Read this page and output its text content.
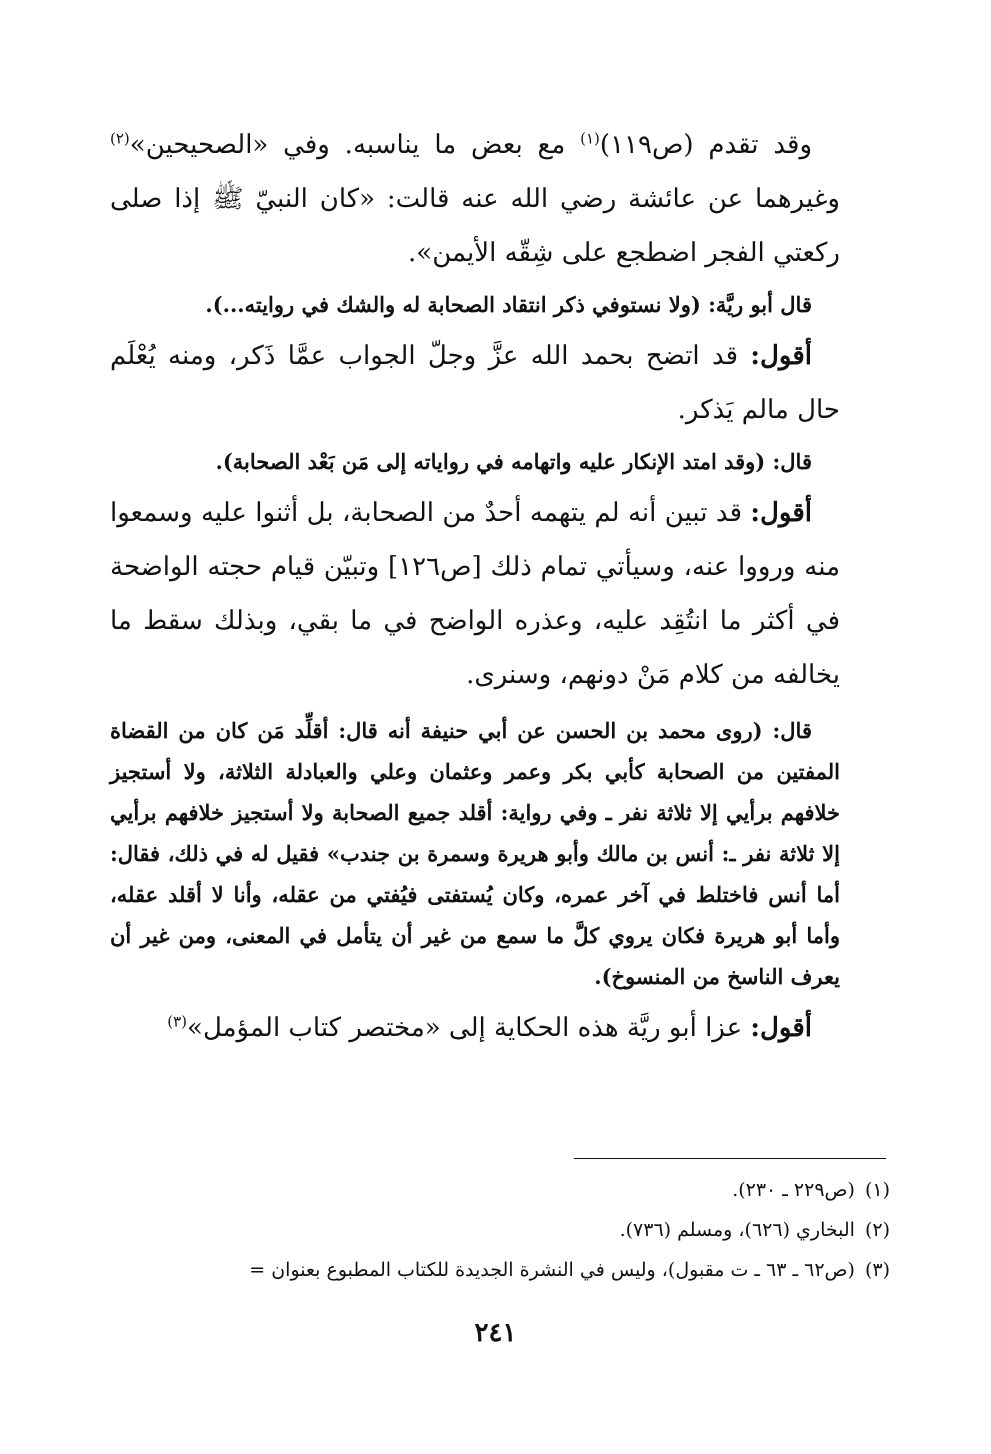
وقد تقدم (ص١١٩)$^{(١)}$ مع بعض ما يناسبه. وفي «الصحيحين»$^{(٢)}$ وغيرهما عن عائشة رضي الله عنه قالت: «كان النبيّ ﷺ إذا صلى ركعتي الفجر اضطجع على شِقّه الأيمن».

قال أبو ريَّة: (ولا نستوفي ذكر انتقاد الصحابة له والشك في روايته...).

أقول: قد اتضح بحمد الله عزَّ وجلّ الجواب عمَّا ذَكر، ومنه يُعْلَم حال مالم يَذكر.

قال: (وقد امتد الإنكار عليه واتهامه في رواياته إلى مَن بَعْد الصحابة).

أقول: قد تبين أنه لم يتهمه أحدٌ من الصحابة، بل أثنوا عليه وسمعوا منه ورووا عنه، وسيأتي تمام ذلك [ص١٢٦] وتبيّن قيام حجته الواضحة في أكثر ما انتُقِد عليه، وعذره الواضح في ما بقي، وبذلك سقط ما يخالفه من كلام مَنْ دونهم، وسنرى.

قال: (روى محمد بن الحسن عن أبي حنيفة أنه قال: أقلِّد مَن كان من القضاة المفتين من الصحابة كأبي بكر وعمر وعثمان وعلي والعبادلة الثلاثة، ولا أستجيز خلافهم برأيي إلا ثلاثة نفر ـ وفي رواية: أقلد جميع الصحابة ولا أستجيز خلافهم برأيي إلا ثلاثة نفر ـ: أنس بن مالك وأبو هريرة وسمرة بن جندب» فقيل له في ذلك، فقال: أما أنس فاختلط في آخر عمره، وكان يُستفتى فيُفتي من عقله، وأنا لا أقلد عقله، وأما أبو هريرة فكان يروي كلَّ ما سمع من غير أن يتأمل في المعنى، ومن غير أن يعرف الناسخ من المنسوخ).

أقول: عزا أبو ريَّة هذه الحكاية إلى «مختصر كتاب المؤمل»$^{(٣)}$

(١)(ص٢٢٩ ـ ٢٣٠).
(٢)البخاري (٦٢٦)، ومسلم (٧٣٦).
(٣)(ص٦٢ ـ ٦٣ ـ ت مقبول)، وليس في النشرة الجديدة للكتاب المطبوع بعنوان =
٢٤١
